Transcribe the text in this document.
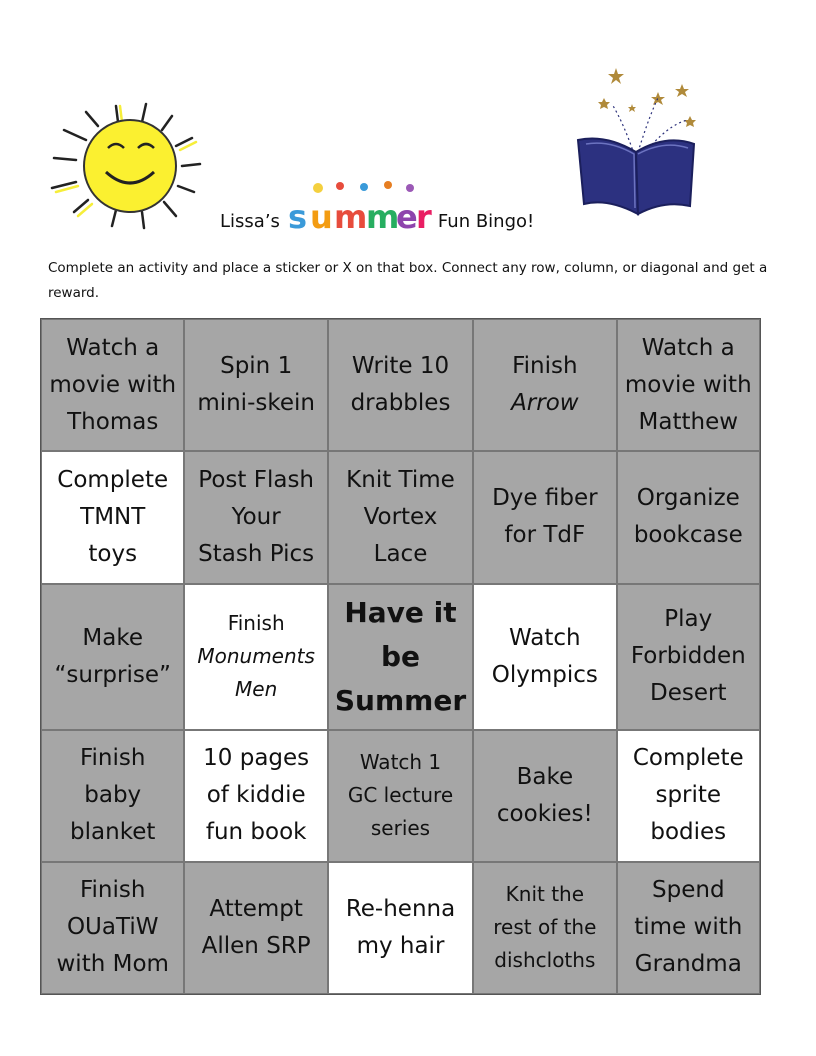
Lissa’s s u m
m
e
r Fun Bingo!

Complete an activity and place a sticker or X on that box. Connect any row, column, or diagonal and get a reward.

Watch a
movie with
Thomas
Spin 1
mini-skein
Write 10
drabbles
Finish
Arrow
Watch a
movie with
Matthew
Complete
TMNT
toys
Post Flash
Your
Stash Pics
Knit Time
Vortex
Lace
Dye fiber
for TdF
Organize
bookcase
Make
“surprise”
Finish
Monuments
Men
Have it
be
Summer
Watch
Olympics
Play
Forbidden
Desert
Finish
baby
blanket
10 pages
of kiddie
fun book
Watch 1
GC lecture
series
Bake
cookies!
Complete
sprite
bodies
Finish
OUaTiW
with Mom
Attempt
Allen SRP
Re-henna
my hair
Knit the
rest of the
dishcloths
Spend
time with
Grandma
